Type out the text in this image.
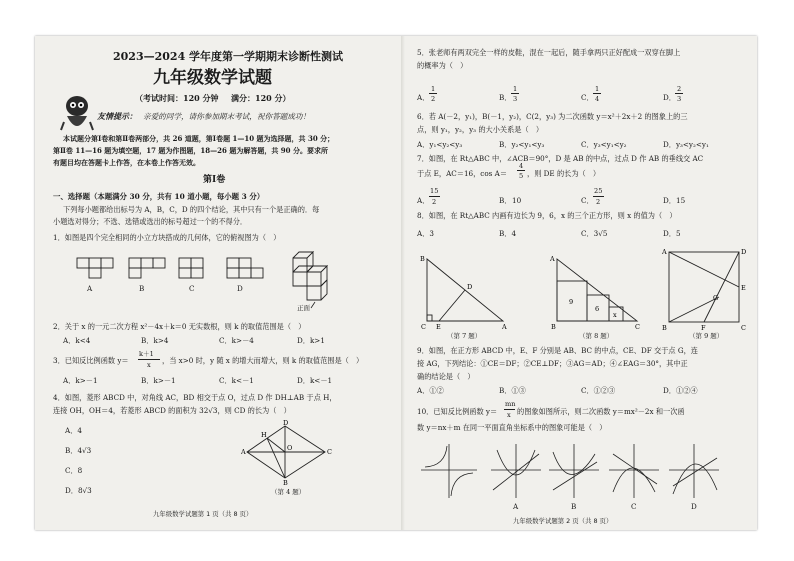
2023—2024 学年度第一学期期末诊断性测试
九年级数学试题
（考试时间：120 分钟 满分：120 分）
友情提示： 亲爱的同学，请你参加期末考试，祝你答题成功！
本试题分第Ⅰ卷和第Ⅱ卷两部分，共 26 道题，第Ⅰ卷题 1—10 题为选择题，共 30 分；
第Ⅱ卷 11—16 题为填空题，17 题为作图题，18—26 题为解答题，共 90 分。要求所
有题目均在答题卡上作答，在本卷上作答无效。
第Ⅰ卷
一、选择题（本题满分 30 分，共有 10 道小题，每小题 3 分）
下列每小题都给出标号为 A，B，C，D 的四个结论，其中只有一个是正确的．每
小题选对得分；不选、选错或选出的标号超过一个的不得分．
1．如图是四个完全相同的小立方块搭成的几何体，它的俯视图为（　）
A	B	C	D
正面
2．关于 x 的一元二次方程 x²－4x＋k＝0 无实数根，则 k 的取值范围是（　）
A．k<4	B．k>4	C．k>－4	D．k>1
3．已知反比例函数 y＝
k＋1
x ，当 x>0 时，y 随 x 的增大而增大，则 k 的取值范围是（　）
A．k>－1	B．k>－1	C．k<－1	D．k<－1
4．如图，菱形 ABCD 中，对角线 AC，BD 相交于点 O，过点 D 作 DH⊥AB 于点 H，
连接 OH，OH＝4，若菱形 ABCD 的面积为 32√3，则 CD 的长为（　）
A．4
B．4√3
C．8
D．8√3
D
A	C
B
H
O
（第 4 题）
九年级数学试题第 1 页（共 8 页）
5．张老师有两双完全一样的皮鞋，混在一起后，随手拿两只正好配成一双穿在脚上
的概率为（　）
A．
1
2	B．
1
3	C．
1
4	D．
2
3
6．若 A(－2，y₁)，B(－1，y₂)，C(2，y₃) 为二次函数 y＝x²＋2x＋2 的图象上的三
点，则 y₁，y₂，y₃ 的大小关系是（　）
A．y₁<y₂<y₃	B．y₂<y₁<y₃	C．y₃<y₁<y₂	D．y₃<y₂<y₁
7．如图，在 Rt△ABC 中，∠ACB＝90°，D 是 AB 的中点，过点 D 作 AB 的垂线交 AC
于点 E，AC＝16，cos A＝
4
5 ，则 DE 的长为（　）
A．
15
2	B． 10	C．
25
2	D． 15
8．如图，在 Rt△ABC 内画有边长为 9，6，x 的三个正方形，则 x 的值为（　）
A．3	B．4	C．3√5	D．5
B
C E
D
A
（第 7 题）
A
B	C
9
6
x
（第 8 题）
A	D
E
G
B	F	C
（第 9 题）
9．如图，在正方形 ABCD 中，E、F 分别是 AB、BC 的中点，CE、DF 交于点 G，连
接 AG，下列结论：①CE＝DF；②CE⊥DF；③AG＝AD；④∠EAG＝30°，其中正
确的结论是（　）
A．①②	B．①③	C．①②③	D．①②④
10．已知反比例函数 y＝
mn
x 的图象如图所示，则二次函数 y＝mx²－2x 和一次函
数 y＝nx＋m 在同一平面直角坐标系中的图象可能是（　）
A	B	C	D
九年级数学试题第 2 页（共 8 页）
